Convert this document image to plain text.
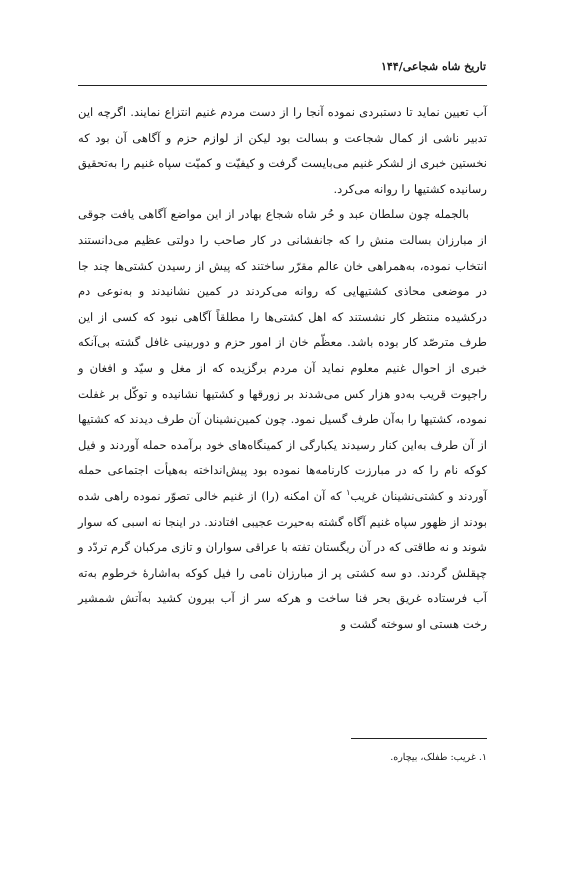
تاریخ شاه شجاعی/۱۴۴

آب تعیین نماید تا دستبردی نموده آنجا را از دست مردم غنیم انتزاع نمایند. اگرچه این تدبیر ناشی از کمال شجاعت و بسالت بود لیکن از لوازم حزم و آگاهی آن بود که نخستین خبری از لشکر غنیم می‌بایست گرفت و کیفیّت و کمیّت سپاه غنیم را به‌تحقیق رسانیده کشتیها را روانه می‌کرد.

بالجمله چون سلطان عبد و حُر شاه شجاع بهادر از این مواضع آگاهی یافت جوقی از مبارزان بسالت منش را که جانفشانی در کار صاحب را دولتی عظیم می‌دانستند انتخاب نموده، به‌همراهی خان عالم مقرّر ساختند که پیش از رسیدن کشتی‌ها چند جا در موضعی محاذی کشتیهایی که روانه می‌کردند در کمین نشانیدند و به‌نوعی دم درکشیده منتظر کار نشستند که اهل کشتی‌ها را مطلقاً آگاهی نبود که کسی از این طرف مترصّد کار بوده باشد. معظّم خان از امور حزم و دوربینی غافل گشته بی‌آنکه خبری از احوال غنیم معلوم نماید آن مردم برگزیده که از مغل و سیّد و افغان و راجپوت قریب به‌دو هزار کس می‌شدند بر زورقها و کشتیها نشانیده و توکّل بر غفلت نموده، کشتیها را به‌آن طرف گسیل نمود. چون کمین‌نشینان آن طرف دیدند که کشتیها از آن طرف به‌این کنار رسیدند یکبارگی از کمینگاه‌های خود برآمده حمله آوردند و فیل کوکه نام را که در مبارزت کارنامه‌ها نموده بود پیش‌انداخته به‌هیأت اجتماعی حمله آوردند و کشتی‌نشینان غریب$^۱$ که آن امکنه (را) از غنیم خالی تصوّر نموده راهی شده بودند از ظهور سپاه غنیم آگاه گشته به‌حیرت عجیبی افتادند. در اینجا نه اسبی که سوار شوند و نه طاقتی که در آن ریگستان تفته با عراقی سواران و تازی مرکبان گرم تردّد و چپقلش گردند. دو سه کشتی پر از مبارزان نامی را فیل کوکه به‌اشارهٔ خرطوم به‌ته آب فرستاده غریق بحر فنا ساخت و هرکه سر از آب بیرون کشید به‌آتش شمشیر رخت هستی او سوخته گشت و

۱. غریب: طفلک، بیچاره.
